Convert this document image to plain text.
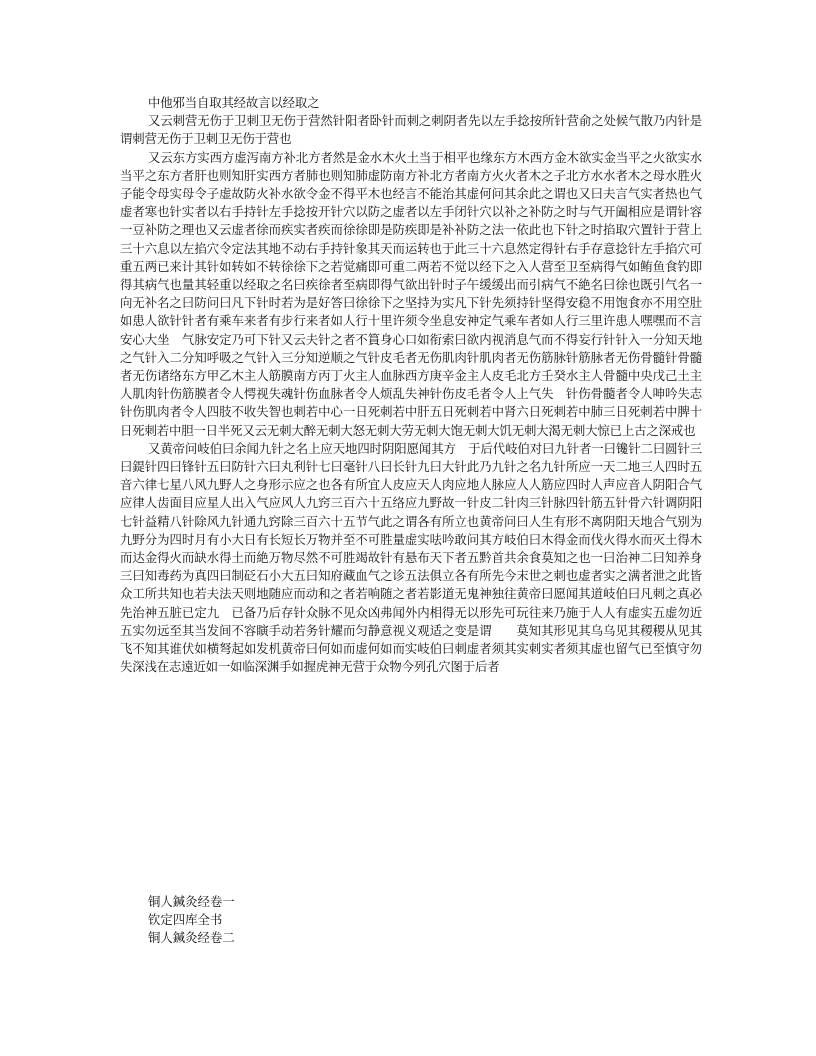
中他邪当自取其经故言以经取之

又云刺营无伤于卫刺卫无伤于营然针阳者卧针而刺之刺阴者先以左手捻按所针营俞之处候气散乃内针是谓刺营无伤于卫刺卫无伤于营也

又云东方实西方虚泻南方补北方者然是金水木火土当于相平也缘东方木西方金木欲实金当平之火欲实水当平之东方者肝也则知肝实西方者肺也则知肺虚防南方补北方者南方火火者木之子北方水水者木之母水胜火子能令母实母令子虚故防火补水欲令金不得平木也经言不能治其虚何问其余此之谓也又曰夫言气实者热也气虚者寒也针实者以右手持针左手捻按开针穴以防之虚者以左手闭针穴以补之补防之时与气开阖相应是谓针容一豆补防之理也又云虚者徐而疾实者疾而徐徐即是防疾即是补补防之法一依此也下针之时掐取穴置针于营上三十六息以左掐穴令定法其地不动右手持针象其天而运转也于此三十六息然定得针右手存意捻针左手掐穴可重五两已来计其针如转如不转徐徐下之若觉痛即可重二两若不觉以经下之入人营至卫至病得气如鲔鱼食钓即得其病气也量其轻重以经取之名曰疾徐者至病即得气欲出针时子午缓缓出而引病气不絶名曰徐也既引气名一向无补名之曰防问曰凡下针时若为是好答曰徐徐下之坚持为实凡下针先须持针坚得安稳不用饱食亦不用空肚如患人欲针针者有乘车来者有步行来者如人行十里许须令坐息安神定气乘车者如人行三里许患人嘿嘿而不言安心大坐　气脉安定乃可下针又云夫针之者不篔身心口如衔索曰欲内视消息气而不得妄行针针入一分知天地之气针入二分知呼吸之气针入三分知逆顺之气针皮毛者无伤肌肉针肌肉者无伤筋脉针筋脉者无伤骨髓针骨髓者无伤诸络东方甲乙木主人筋膜南方丙丁火主人血脉西方庚辛金主人皮毛北方壬癸水主人骨髓中央戊己土主人肌肉针伤筋膜者令人愕视失魂针伤血脉者令人烦乱失神针伤皮毛者令人上气失　针伤骨髓者令人呻吟失志针伤肌肉者令人四肢不收失智也刺若中心一日死刺若中肝五日死刺若中肾六日死刺若中肺三日死刺若中脾十日死刺若中胆一日半死又云无刺大醉无刺大怒无刺大劳无刺大饱无刺大饥无刺大渴无刺大惊已上古之深戒也

又黄帝问岐伯曰余闻九针之名上应天地四时阴阳愿闻其方　于后代岐伯对曰九针者一曰镵针二曰圆针三曰鍉针四曰锋针五曰防针六曰丸利针七曰毫针八曰长针九曰大针此乃九针之名九针所应一天二地三人四时五音六律七星八风九野人之身形示应之也各有所宜人皮应天人肉应地人脉应人人筋应四时人声应音人阴阳合气应律人齿面目应星人出入气应风人九窍三百六十五络应九野故一针皮二针肉三针脉四针筋五针骨六针调阴阳七针益精八针除风九针通九窍除三百六十五节气此之谓各有所立也黄帝问曰人生有形不离阴阳天地合气别为九野分为四时月有小大日有长短长万物并至不可胜量虚实呿吟敢问其方岐伯曰木得金而伐火得水而灭土得木而达金得火而缺水得土而絶万物尽然不可胜竭故针有悬布天下者五黔首共余食莫知之也一曰治神二曰知养身三曰知毒药为真四曰制砭石小大五曰知府藏血气之诊五法俱立各有所先今末世之刺也虚者实之满者泄之此皆众工所共知也若夫法天则地随应而动和之者若响随之者若影道无鬼神独往黄帝曰愿闻其道岐伯曰凡刺之真必先治神五脏已定九　已备乃后存针众脉不见众凶弗闻外内相得无以形先可玩往来乃施于人人有虚实五虚勿近五实勿远至其当发间不容瞚手动若务针耀而匀静意视义观适之变是谓　　莫知其形见其乌乌见其稷稷从见其飞不知其谁伏如横弩起如发机黄帝曰何如而虚何如而实岐伯曰刺虚者须其实刺实者须其虚也留气已至慎守勿失深浅在志遠近如一如临深渊手如握虎神无营于众物今列孔穴图于后者

铜人鍼灸经卷一

钦定四库全书

铜人鍼灸经卷二
